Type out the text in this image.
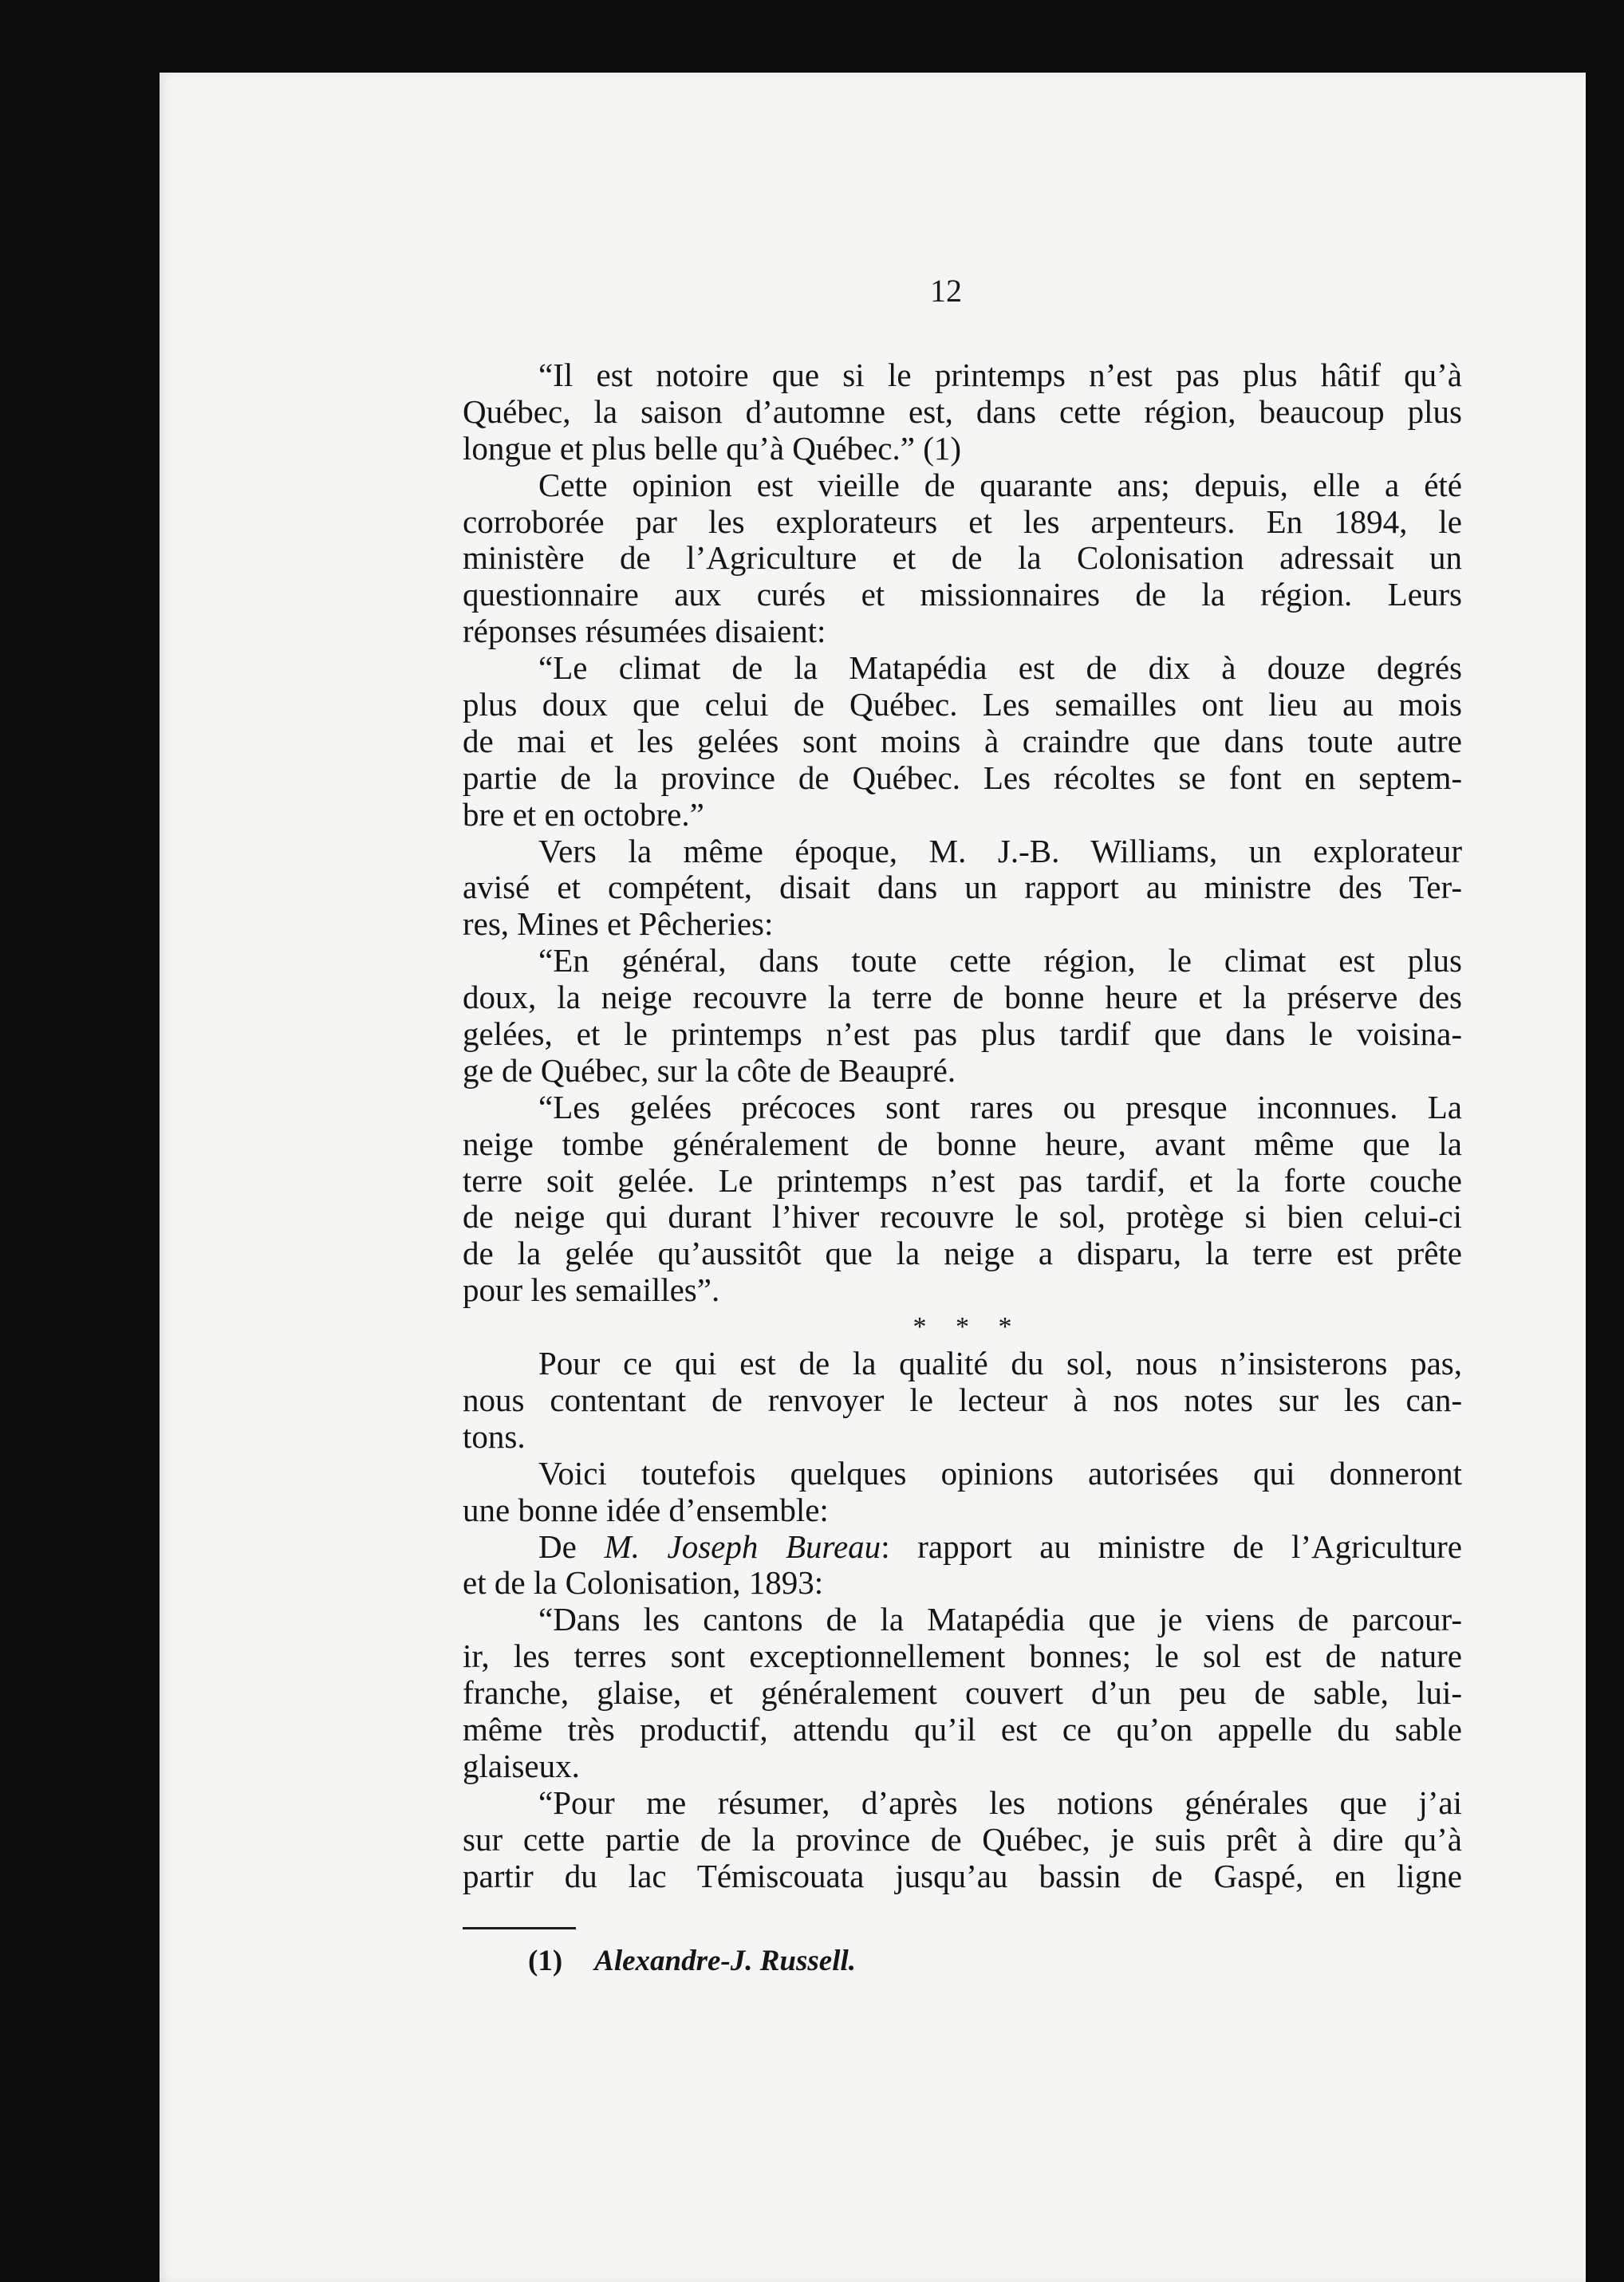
12
“Il est notoire que si le printemps n’est pas plus hâtif qu’à
Québec, la saison d’automne est, dans cette région, beaucoup plus
longue et plus belle qu’à Québec.” (1)
Cette opinion est vieille de quarante ans; depuis, elle a été
corroborée par les explorateurs et les arpenteurs. En 1894, le
ministère de l’Agriculture et de la Colonisation adressait un
questionnaire aux curés et missionnaires de la région. Leurs
réponses résumées disaient:
“Le climat de la Matapédia est de dix à douze degrés
plus doux que celui de Québec. Les semailles ont lieu au mois
de mai et les gelées sont moins à craindre que dans toute autre
partie de la province de Québec. Les récoltes se font en septem-
bre et en octobre.”
Vers la même époque, M. J.-B. Williams, un explorateur
avisé et compétent, disait dans un rapport au ministre des Ter-
res, Mines et Pêcheries:
“En général, dans toute cette région, le climat est plus
doux, la neige recouvre la terre de bonne heure et la préserve des
gelées, et le printemps n’est pas plus tardif que dans le voisina-
ge de Québec, sur la côte de Beaupré.
“Les gelées précoces sont rares ou presque inconnues. La
neige tombe généralement de bonne heure, avant même que la
terre soit gelée. Le printemps n’est pas tardif, et la forte couche
de neige qui durant l’hiver recouvre le sol, protège si bien celui-ci
de la gelée qu’aussitôt que la neige a disparu, la terre est prête
pour les semailles”.
* * *
Pour ce qui est de la qualité du sol, nous n’insisterons pas,
nous contentant de renvoyer le lecteur à nos notes sur les can-
tons.
Voici toutefois quelques opinions autorisées qui donneront
une bonne idée d’ensemble:
De M. Joseph Bureau: rapport au ministre de l’Agriculture
et de la Colonisation, 1893:
“Dans les cantons de la Matapédia que je viens de parcour-
ir, les terres sont exceptionnellement bonnes; le sol est de nature
franche, glaise, et généralement couvert d’un peu de sable, lui-
même très productif, attendu qu’il est ce qu’on appelle du sable
glaiseux.
“Pour me résumer, d’après les notions générales que j’ai
sur cette partie de la province de Québec, je suis prêt à dire qu’à
partir du lac Témiscouata jusqu’au bassin de Gaspé, en ligne
(1) Alexandre-J. Russell.
